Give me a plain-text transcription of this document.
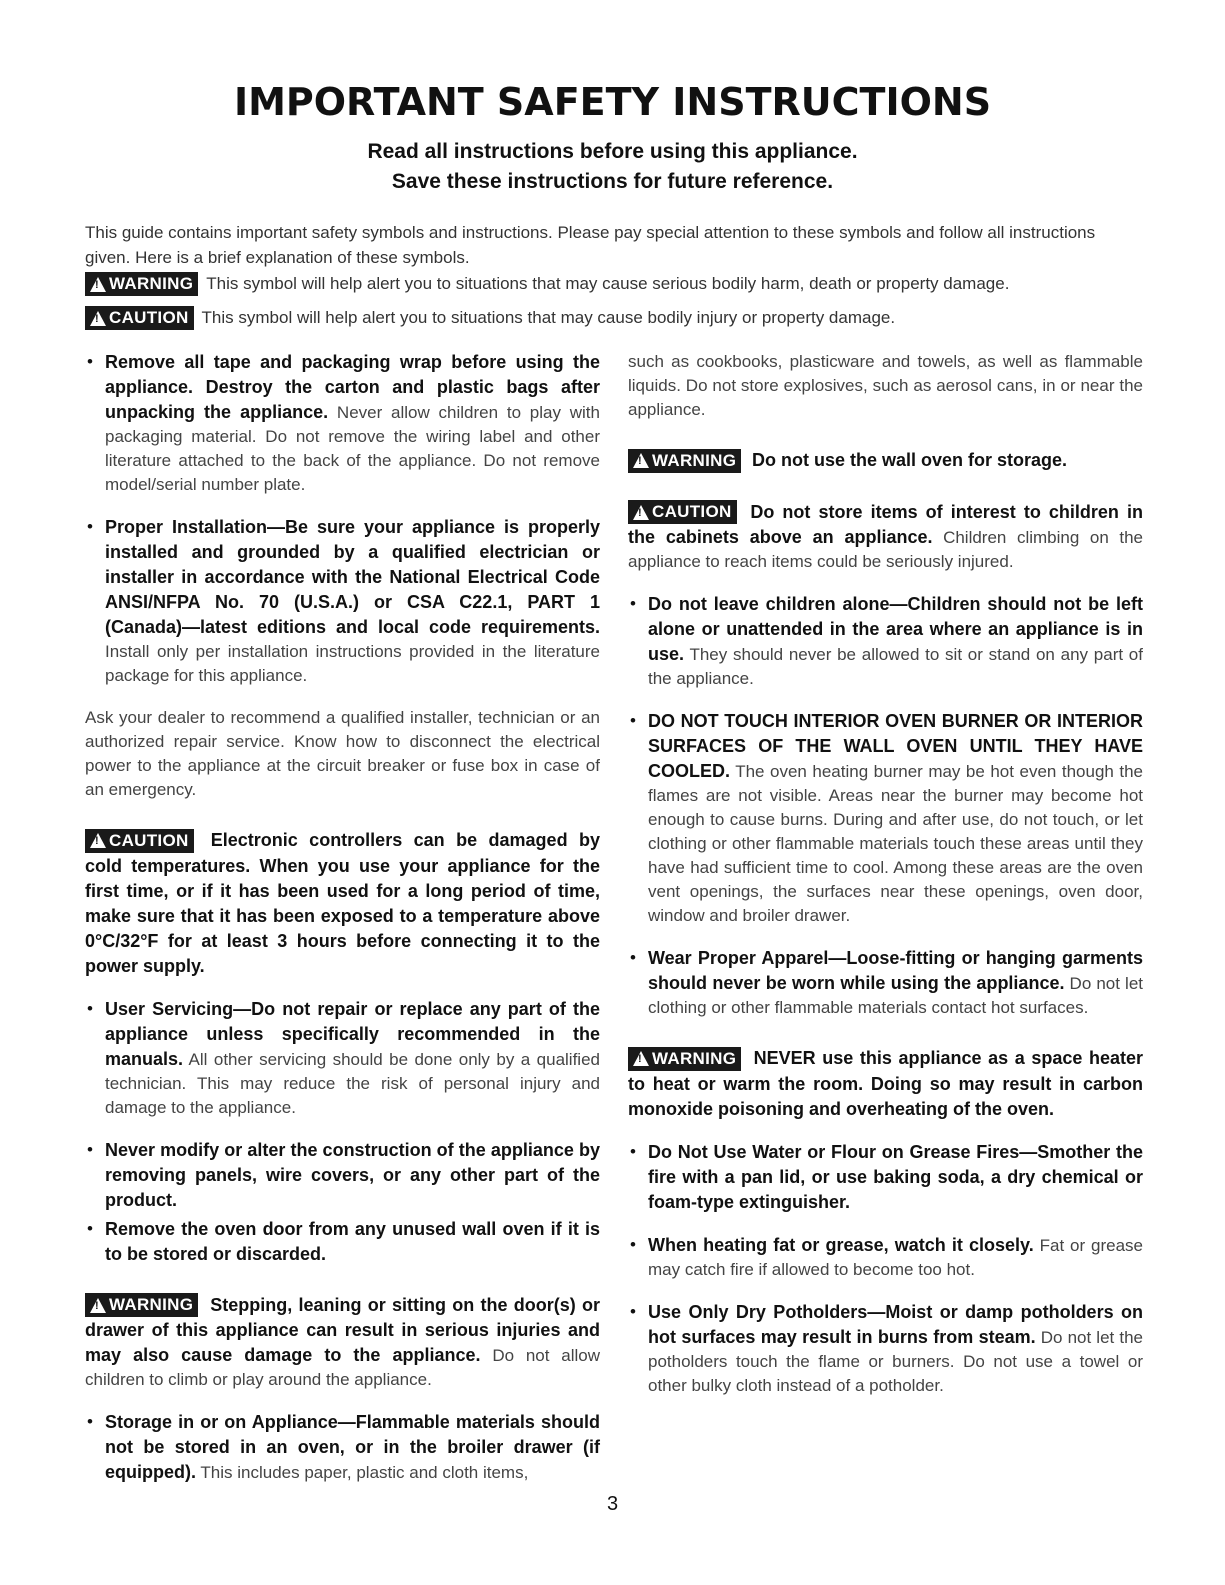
IMPORTANT SAFETY INSTRUCTIONS
Read all instructions before using this appliance.
Save these instructions for future reference.
This guide contains important safety symbols and instructions. Please pay special attention to these symbols and follow all instructions given. Here is a brief explanation of these symbols.
!
WARNING This symbol will help alert you to situations that may cause serious bodily harm, death or property damage.
!
CAUTION This symbol will help alert you to situations that may cause bodily injury or property damage.
• Remove all tape and packaging wrap before using the appliance. Destroy the carton and plastic bags after unpacking the appliance. Never allow children to play with packaging material. Do not remove the wiring label and other literature attached to the back of the appliance. Do not remove model/serial number plate.
• Proper Installation—Be sure your appliance is properly installed and grounded by a qualified electrician or installer in accordance with the National Electrical Code ANSI/NFPA No. 70 (U.S.A.) or CSA C22.1, PART 1 (Canada)—latest editions and local code requirements. Install only per installation instructions provided in the literature package for this appliance.
Ask your dealer to recommend a qualified installer, technician or an authorized repair service. Know how to disconnect the electrical power to the appliance at the circuit breaker or fuse box in case of an emergency.
!
CAUTION Electronic controllers can be damaged by cold temperatures. When you use your appliance for the first time, or if it has been used for a long period of time, make sure that it has been exposed to a temperature above 0°C/32°F for at least 3 hours before connecting it to the power supply.
• User Servicing—Do not repair or replace any part of the appliance unless specifically recommended in the manuals. All other servicing should be done only by a qualified technician. This may reduce the risk of personal injury and damage to the appliance.
• Never modify or alter the construction of the appliance by removing panels, wire covers, or any other part of the product.
• Remove the oven door from any unused wall oven if it is to be stored or discarded.
!
WARNING Stepping, leaning or sitting on the door(s) or drawer of this appliance can result in serious injuries and may also cause damage to the appliance. Do not allow children to climb or play around the appliance.
• Storage in or on Appliance—Flammable materials should not be stored in an oven, or in the broiler drawer (if equipped). This includes paper, plastic and cloth items,
such as cookbooks, plasticware and towels, as well as flammable liquids. Do not store explosives, such as aerosol cans, in or near the appliance.
!
WARNING Do not use the wall oven for storage.
!
CAUTION Do not store items of interest to children in the cabinets above an appliance. Children climbing on the appliance to reach items could be seriously injured.
• Do not leave children alone—Children should not be left alone or unattended in the area where an appliance is in use. They should never be allowed to sit or stand on any part of the appliance.
• DO NOT TOUCH INTERIOR OVEN BURNER OR INTERIOR SURFACES OF THE WALL OVEN UNTIL THEY HAVE COOLED. The oven heating burner may be hot even though the flames are not visible. Areas near the burner may become hot enough to cause burns. During and after use, do not touch, or let clothing or other flammable materials touch these areas until they have had sufficient time to cool. Among these areas are the oven vent openings, the surfaces near these openings, oven door, window and broiler drawer.
• Wear Proper Apparel—Loose-fitting or hanging garments should never be worn while using the appliance. Do not let clothing or other flammable materials contact hot surfaces.
!
WARNING NEVER use this appliance as a space heater to heat or warm the room. Doing so may result in carbon monoxide poisoning and overheating of the oven.
• Do Not Use Water or Flour on Grease Fires—Smother the fire with a pan lid, or use baking soda, a dry chemical or foam-type extinguisher.
• When heating fat or grease, watch it closely. Fat or grease may catch fire if allowed to become too hot.
• Use Only Dry Potholders—Moist or damp potholders on hot surfaces may result in burns from steam. Do not let the potholders touch the flame or burners. Do not use a towel or other bulky cloth instead of a potholder.
3
